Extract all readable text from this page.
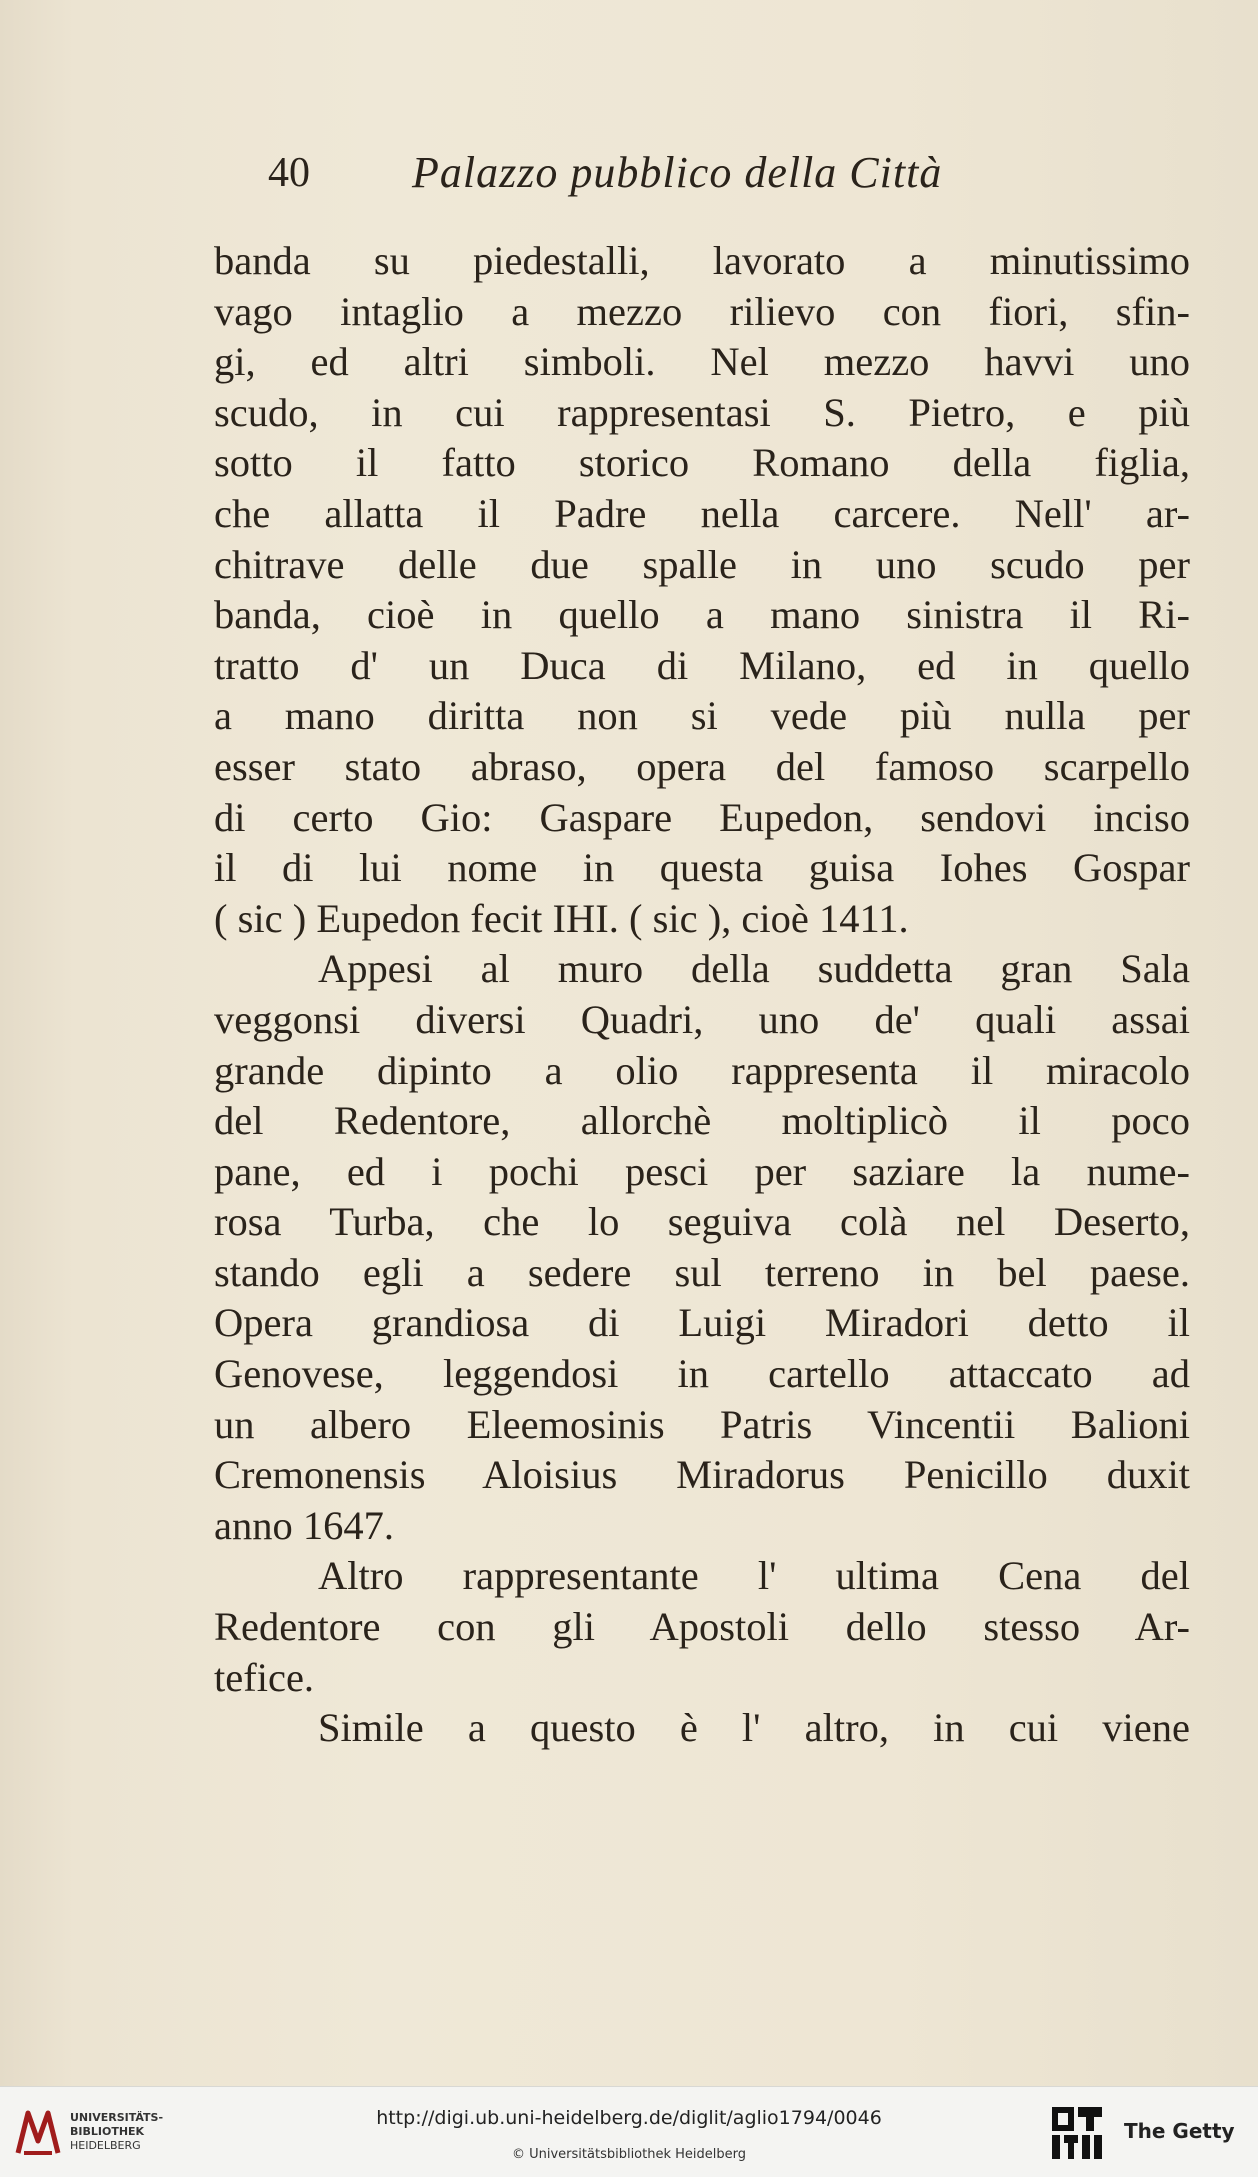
40 Palazzo pubblico della Città
banda su piedestalli, lavorato a minutissimo
vago intaglio a mezzo rilievo con fiori, sfin-
gi, ed altri simboli. Nel mezzo havvi uno
scudo, in cui rappresentasi S. Pietro, e più
sotto il fatto storico Romano della figlia,
che allatta il Padre nella carcere. Nell' ar-
chitrave delle due spalle in uno scudo per
banda, cioè in quello a mano sinistra il Ri-
tratto d' un Duca di Milano, ed in quello
a mano diritta non si vede più nulla per
esser stato abraso, opera del famoso scarpello
di certo Gio: Gaspare Eupedon, sendovi inciso
il di lui nome in questa guisa Iohes Gospar
( sic ) Eupedon fecit IHI. ( sic ), cioè 1411.
Appesi al muro della suddetta gran Sala
veggonsi diversi Quadri, uno de' quali assai
grande dipinto a olio rappresenta il miracolo
del Redentore, allorchè moltiplicò il poco
pane, ed i pochi pesci per saziare la nume-
rosa Turba, che lo seguiva colà nel Deserto,
stando egli a sedere sul terreno in bel paese.
Opera grandiosa di Luigi Miradori detto il
Genovese, leggendosi in cartello attaccato ad
un albero Eleemosinis Patris Vincentii Balioni
Cremonensis Aloisius Miradorus Penicillo duxit
anno 1647.
Altro rappresentante l' ultima Cena del
Redentore con gli Apostoli dello stesso Ar-
tefice.
Simile a questo è l' altro, in cui viene
UNIVERSITÄTS-
BIBLIOTHEK
HEIDELBERG
http://digi.ub.uni-heidelberg.de/diglit/aglio1794/0046
© Universitätsbibliothek Heidelberg
The Getty
